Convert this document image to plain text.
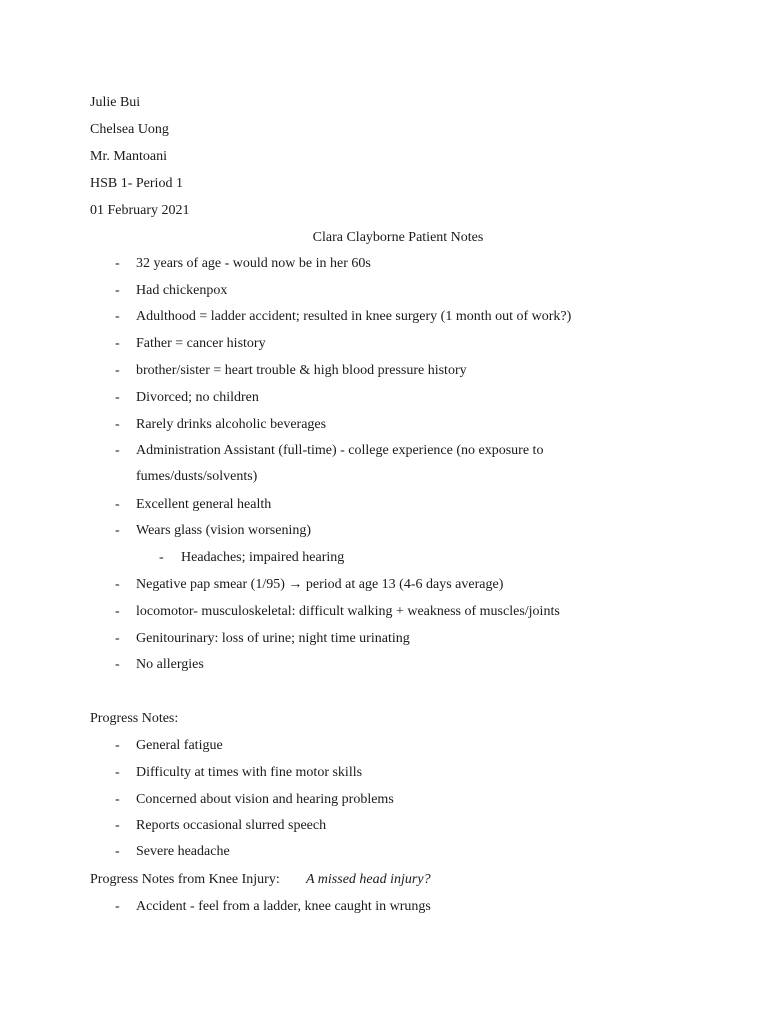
Julie Bui
Chelsea Uong
Mr. Mantoani
HSB 1- Period 1
01 February 2021
Clara Clayborne Patient Notes
- 32 years of age - would now be in her 60s
- Had chickenpox
- Adulthood = ladder accident; resulted in knee surgery (1 month out of work?)
- Father = cancer history
- brother/sister = heart trouble & high blood pressure history
- Divorced; no children
- Rarely drinks alcoholic beverages
- Administration Assistant (full-time) - college experience (no exposure to
fumes/dusts/solvents)
- Excellent general health
- Wears glass (vision worsening)
- Headaches; impaired hearing
- Negative pap smear (1/95) → period at age 13 (4-6 days average)
- locomotor- musculoskeletal: difficult walking + weakness of muscles/joints
- Genitourinary: loss of urine; night time urinating
- No allergies
Progress Notes:
- General fatigue
- Difficulty at times with fine motor skills
- Concerned about vision and hearing problems
- Reports occasional slurred speech
- Severe headache
Progress Notes from Knee Injury: A missed head injury?
- Accident - feel from a ladder, knee caught in wrungs
